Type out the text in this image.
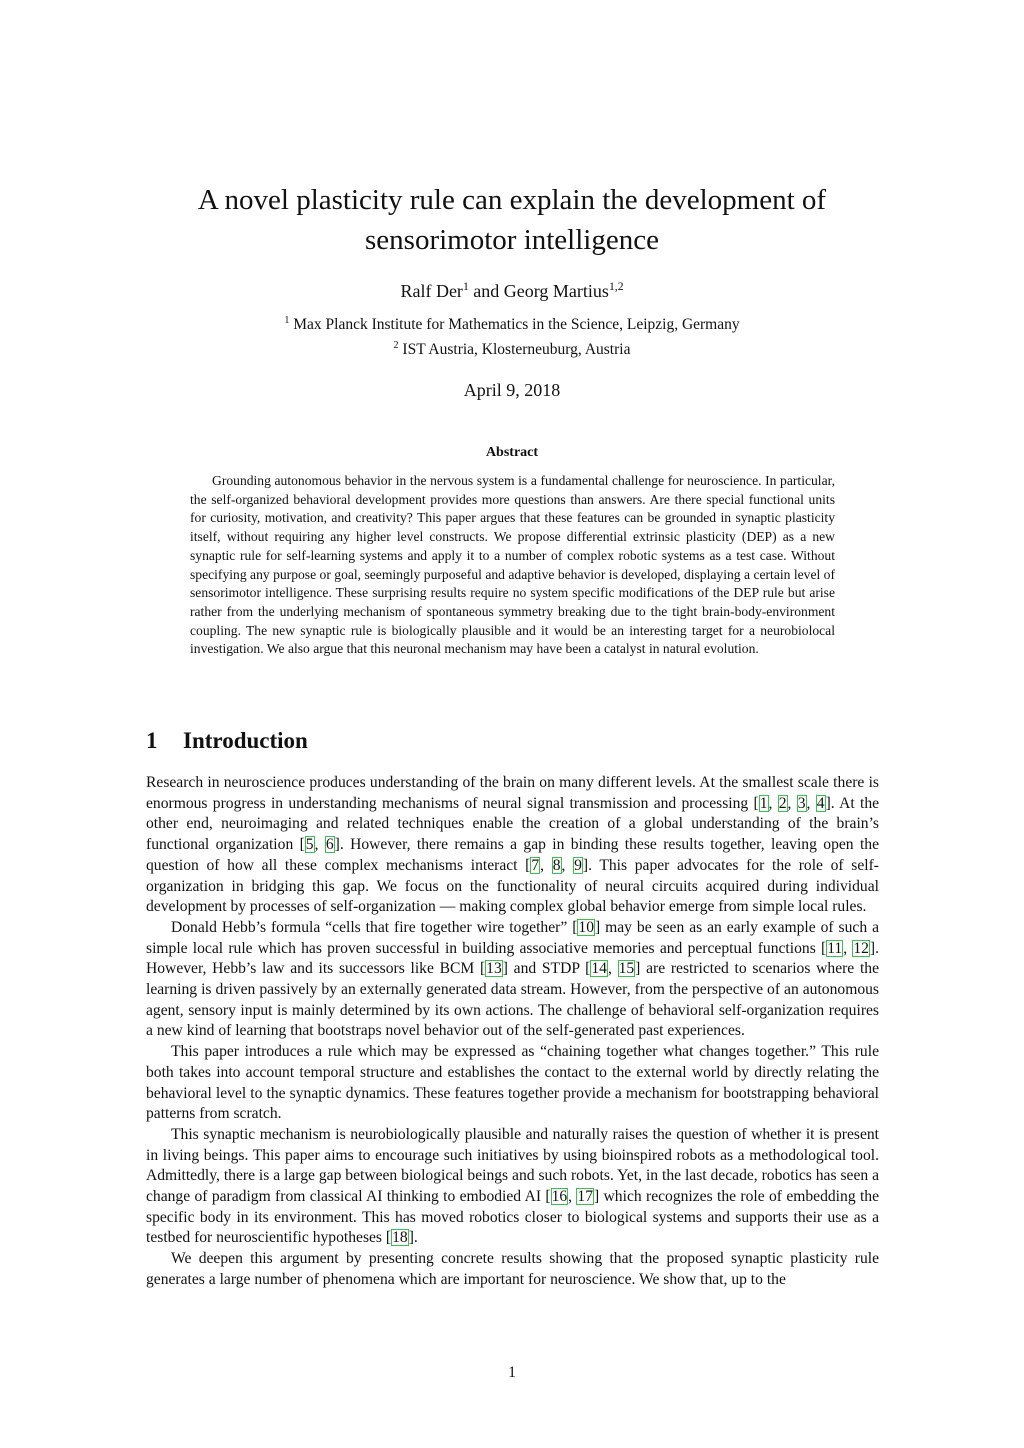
A novel plasticity rule can explain the development of
sensorimotor intelligence
Ralf Der$^1$ and Georg Martius$^{1,2}$
$^1$ Max Planck Institute for Mathematics in the Science, Leipzig, Germany
$^2$ IST Austria, Klosterneuburg, Austria
April 9, 2018
Abstract
Grounding autonomous behavior in the nervous system is a fundamental challenge for neuroscience. In particular, the self-organized behavioral development provides more questions than answers. Are there special functional units for curiosity, motivation, and creativity? This paper argues that these features can be grounded in synaptic plasticity itself, without requiring any higher level constructs. We propose differential extrinsic plasticity (DEP) as a new synaptic rule for self-learning systems and apply it to a number of complex robotic systems as a test case. Without specifying any purpose or goal, seemingly purposeful and adaptive behavior is developed, displaying a certain level of sensorimotor intelligence. These surprising results require no system specific modifications of the DEP rule but arise rather from the underlying mechanism of spontaneous symmetry breaking due to the tight brain-body-environment coupling. The new synaptic rule is biologically plausible and it would be an interesting target for a neurobiolocal investigation. We also argue that this neuronal mechanism may have been a catalyst in natural evolution.
1 Introduction

Research in neuroscience produces understanding of the brain on many different levels. At the smallest scale there is enormous progress in understanding mechanisms of neural signal transmission and processing [1, 2, 3, 4]. At the other end, neuroimaging and related techniques enable the creation of a global understanding of the brain’s functional organization [5, 6]. However, there remains a gap in binding these results together, leaving open the question of how all these complex mechanisms interact [7, 8, 9]. This paper advocates for the role of self-organization in bridging this gap. We focus on the functionality of neural circuits acquired during individual development by processes of self-organization — making complex global behavior emerge from simple local rules.

Donald Hebb’s formula “cells that fire together wire together” [10] may be seen as an early example of such a simple local rule which has proven successful in building associative memories and perceptual functions [11, 12]. However, Hebb’s law and its successors like BCM [13] and STDP [14, 15] are restricted to scenarios where the learning is driven passively by an externally generated data stream. However, from the perspective of an autonomous agent, sensory input is mainly determined by its own actions. The challenge of behavioral self-organization requires a new kind of learning that bootstraps novel behavior out of the self-generated past experiences.

This paper introduces a rule which may be expressed as “chaining together what changes together.” This rule both takes into account temporal structure and establishes the contact to the external world by directly relating the behavioral level to the synaptic dynamics. These features together provide a mechanism for bootstrapping behavioral patterns from scratch.

This synaptic mechanism is neurobiologically plausible and naturally raises the question of whether it is present in living beings. This paper aims to encourage such initiatives by using bioinspired robots as a methodological tool. Admittedly, there is a large gap between biological beings and such robots. Yet, in the last decade, robotics has seen a change of paradigm from classical AI thinking to embodied AI [16, 17] which recognizes the role of embedding the specific body in its environment. This has moved robotics closer to biological systems and supports their use as a testbed for neuroscientific hypotheses [18].

We deepen this argument by presenting concrete results showing that the proposed synaptic plasticity rule generates a large number of phenomena which are important for neuroscience. We show that, up to the

1
